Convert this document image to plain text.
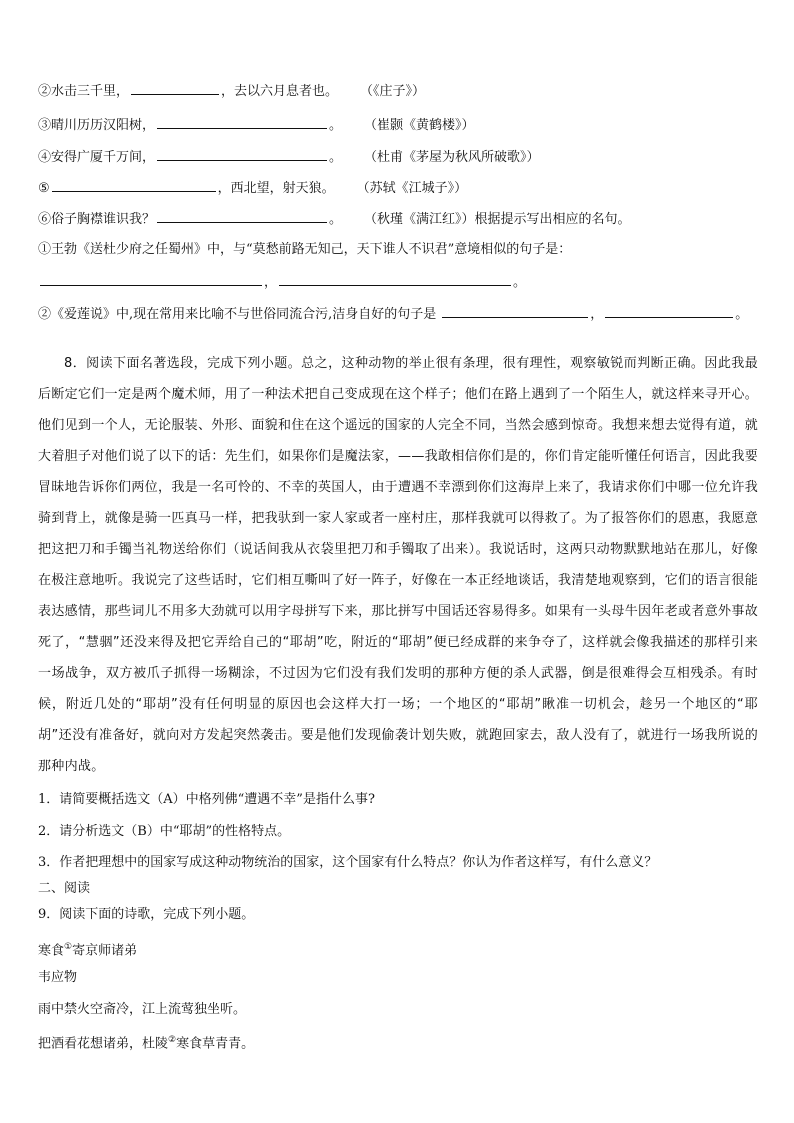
②水击三千里，	，去以六月息者也。 （《庄子》）
③晴川历历汉阳树，	。 （崔颢《黄鹤楼》）
④安得广厦千万间，	。 （杜甫《茅屋为秋风所破歌》）
⑤	，西北望，射天狼。 （苏轼《江城子》）
⑥俗子胸襟谁识我？	。 （秋瑾《满江红》）根据提示写出相应的名句。
①王勃《送杜少府之任蜀州》中，与“莫愁前路无知己，天下谁人不识君”意境相似的句子是：
，	。
②《爱莲说》中,现在常用来比喻不与世俗同流合污,洁身自好的句子是	，	。
8．阅读下面名著选段，完成下列小题。总之，这种动物的举止很有条理，很有理性，观察敏锐而判断正确。因此我最后断定它们一定是两个魔术师，用了一种法术把自己变成现在这个样子；他们在路上遇到了一个陌生人，就这样来寻开心。他们见到一个人，无论服装、外形、面貌和住在这个遥远的国家的人完全不同，当然会感到惊奇。我想来想去觉得有道，就大着胆子对他们说了以下的话：先生们，如果你们是魔法家，——我敢相信你们是的，你们肯定能听懂任何语言，因此我要冒昧地告诉你们两位，我是一名可怜的、不幸的英国人，由于遭遇不幸漂到你们这海岸上来了，我请求你们中哪一位允许我骑到背上，就像是骑一匹真马一样，把我驮到一家人家或者一座村庄，那样我就可以得救了。为了报答你们的恩惠，我愿意把这把刀和手镯当礼物送给你们（说话间我从衣袋里把刀和手镯取了出来）。我说话时，这两只动物默默地站在那儿，好像在极注意地听。我说完了这些话时，它们相互嘶叫了好一阵子，好像在一本正经地谈话，我清楚地观察到，它们的语言很能表达感情，那些词儿不用多大劲就可以用字母拼写下来，那比拼写中国话还容易得多。如果有一头母牛因年老或者意外事故死了，“慧骃”还没来得及把它弄给自己的“耶胡”吃，附近的“耶胡”便已经成群的来争夺了，这样就会像我描述的那样引来一场战争，双方被爪子抓得一场糊涂，不过因为它们没有我们发明的那种方便的杀人武器，倒是很难得会互相残杀。有时候，附近几处的“耶胡”没有任何明显的原因也会这样大打一场；一个地区的“耶胡”瞅准一切机会，趁另一个地区的“耶胡”还没有准备好，就向对方发起突然袭击。要是他们发现偷袭计划失败，就跑回家去，敌人没有了，就进行一场我所说的那种内战。
1．请简要概括选文（A）中格列佛“遭遇不幸”是指什么事?
2．请分析选文（B）中“耶胡”的性格特点。
3．作者把理想中的国家写成这种动物统治的国家，这个国家有什么特点？你认为作者这样写，有什么意义？
二、阅读
9．阅读下面的诗歌，完成下列小题。
寒食①寄京师诸弟
韦应物
雨中禁火空斋冷，江上流莺独坐听。
把酒看花想诸弟，杜陵②寒食草青青。
